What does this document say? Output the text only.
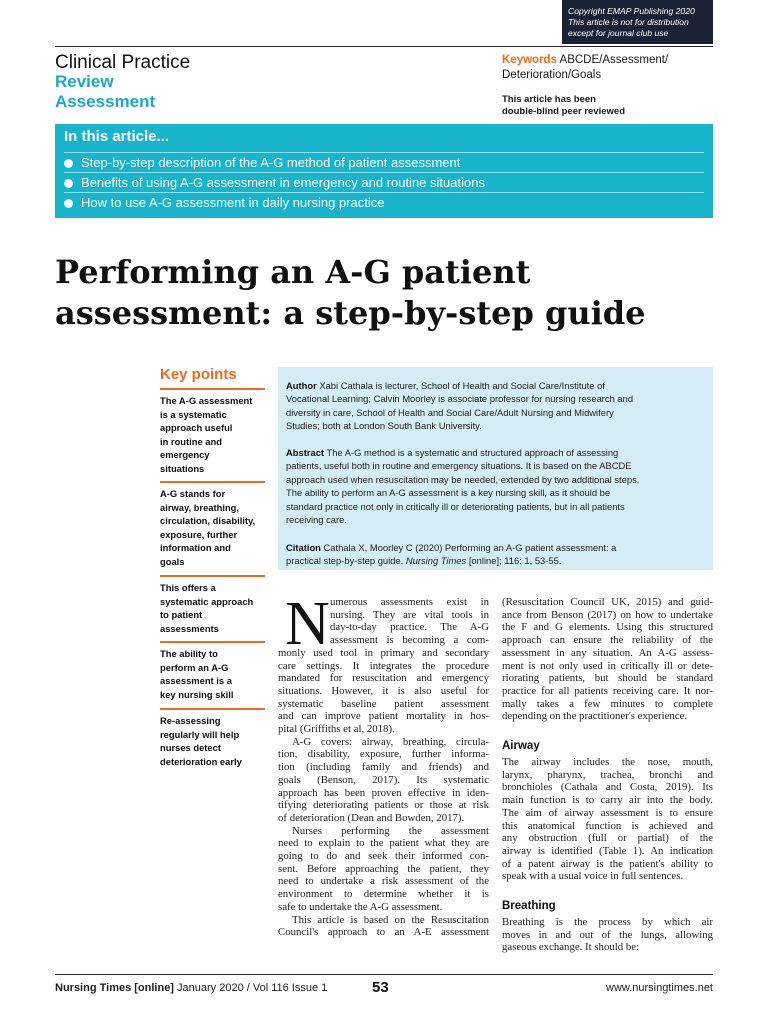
Copyright EMAP Publishing 2020
This article is not for distribution
except for journal club use
Clinical Practice
Review
Assessment
Keywords ABCDE/Assessment/
Deterioration/Goals
This article has been
double-blind peer reviewed
In this article...
Step-by-step description of the A-G method of patient assessment
Benefits of using A-G assessment in emergency and routine situations
How to use A-G assessment in daily nursing practice
Performing an A-G patient
assessment: a step-by-step guide
Key points
The A-G assessment
is a systematic
approach useful
in routine and
emergency
situations
A-G stands for
airway, breathing,
circulation, disability,
exposure, further
information and
goals
This offers a
systematic approach
to patient
assessments
The ability to
perform an A-G
assessment is a
key nursing skill
Re-assessing
regularly will help
nurses detect
deterioration early
Author Xabi Cathala is lecturer, School of Health and Social Care/Institute of
Vocational Learning; Calvin Moorley is associate professor for nursing research and
diversity in care, School of Health and Social Care/Adult Nursing and Midwifery
Studies; both at London South Bank University.
Abstract The A-G method is a systematic and structured approach of assessing
patients, useful both in routine and emergency situations. It is based on the ABCDE
approach used when resuscitation may be needed, extended by two additional steps.
The ability to perform an A-G assessment is a key nursing skill, as it should be
standard practice not only in critically ill or deteriorating patients, but in all patients
receiving care.
Citation Cathala X, Moorley C (2020) Performing an A-G patient assessment: a
practical step-by-step guide. Nursing Times [online]; 116: 1, 53-55.
N umerous assessments exist in
nursing. They are vital tools in
day-to-day practice. The A-G
assessment is becoming a com-
monly used tool in primary and secondary
care settings. It integrates the procedure
mandated for resuscitation and emergency
situations. However, it is also useful for
systematic baseline patient assessment
and can improve patient mortality in hos-
pital (Griffiths et al, 2018).
A-G covers: airway, breathing, circula-
tion, disability, exposure, further informa-
tion (including family and friends) and
goals (Benson, 2017). Its systematic
approach has been proven effective in iden-
tifying deteriorating patients or those at risk
of deterioration (Dean and Bowden, 2017).
Nurses performing the assessment
need to explain to the patient what they are
going to do and seek their informed con-
sent. Before approaching the patient, they
need to undertake a risk assessment of the
environment to determine whether it is
safe to undertake the A-G assessment.
This article is based on the Resuscitation
Council's approach to an A-E assessment
(Resuscitation Council UK, 2015) and guid-
ance from Benson (2017) on how to undertake
the F and G elements. Using this structured
approach can ensure the reliability of the
assessment in any situation. An A-G assess-
ment is not only used in critically ill or dete-
riorating patients, but should be standard
practice for all patients receiving care. It nor-
mally takes a few minutes to complete
depending on the practitioner's experience.
Airway
The airway includes the nose, mouth,
larynx, pharynx, trachea, bronchi and
bronchioles (Cathala and Costa, 2019). Its
main function is to carry air into the body.
The aim of airway assessment is to ensure
this anatomical function is achieved and
any obstruction (full or partial) of the
airway is identified (Table 1). An indication
of a patent airway is the patient's ability to
speak with a usual voice in full sentences.
Breathing
Breathing is the process by which air
moves in and out of the lungs, allowing
gaseous exchange. It should be:
Nursing Times [online] January 2020 / Vol 116 Issue 1	53	www.nursingtimes.net
